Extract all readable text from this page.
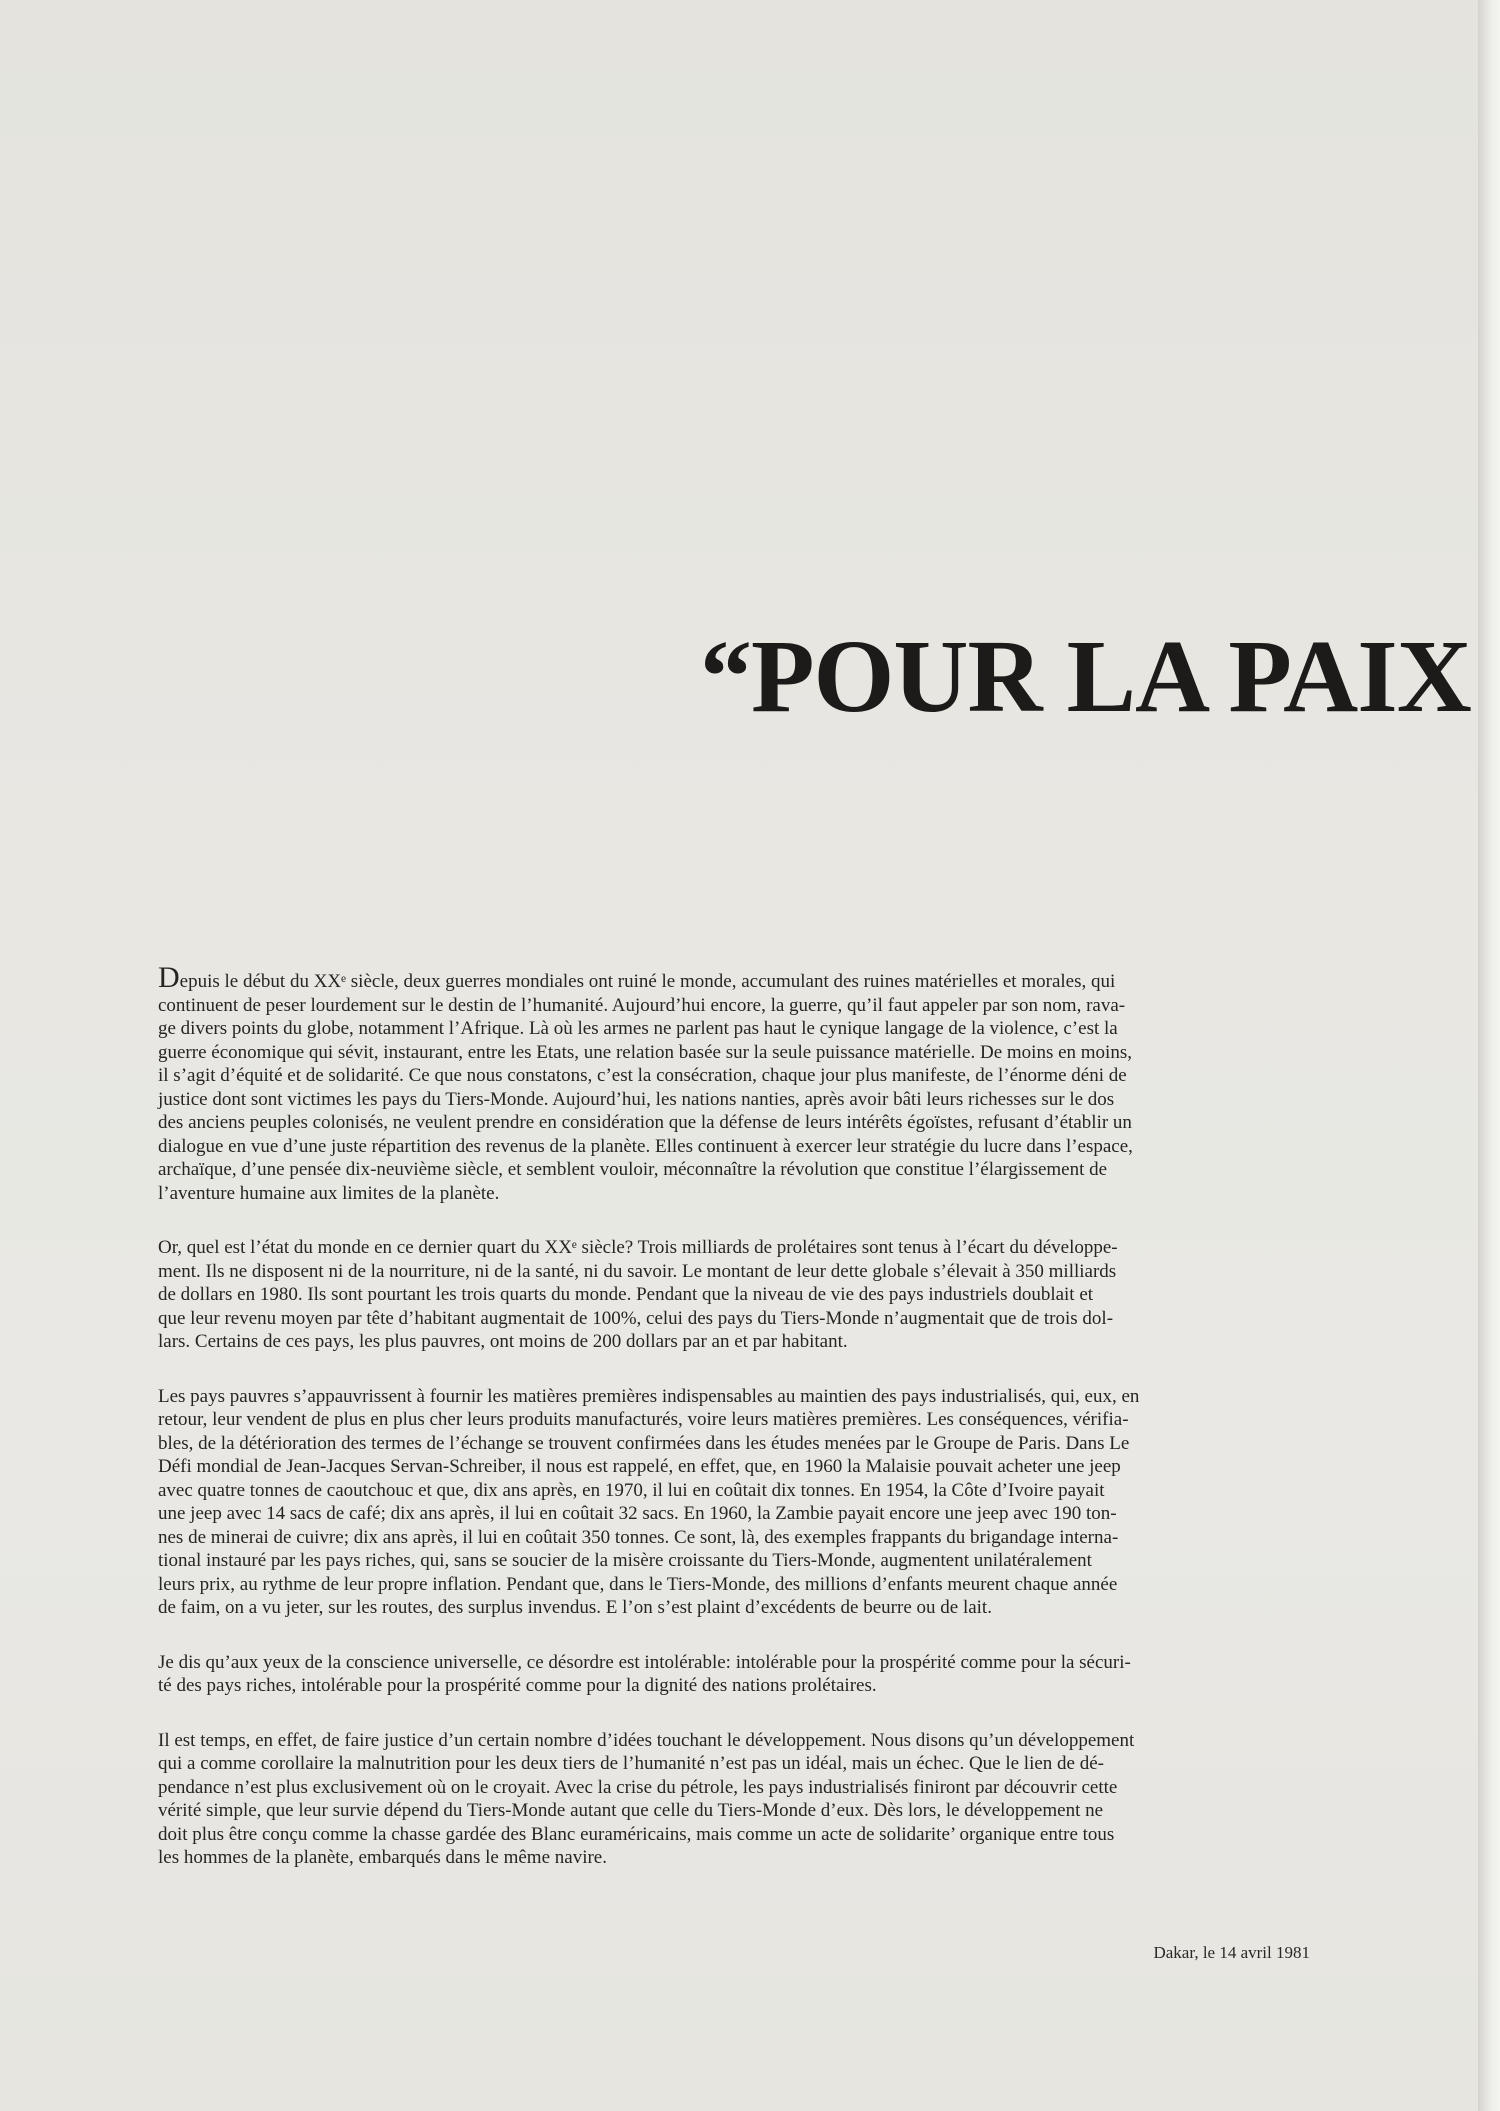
“POUR LA PAIX

Depuis le début du XXᵉ siècle, deux guerres mondiales ont ruiné le monde, accumulant des ruines matérielles et morales, qui
continuent de peser lourdement sur le destin de l’humanité. Aujourd’hui encore, la guerre, qu’il faut appeler par son nom, rava-
ge divers points du globe, notamment l’Afrique. Là où les armes ne parlent pas haut le cynique langage de la violence, c’est la
guerre économique qui sévit, instaurant, entre les Etats, une relation basée sur la seule puissance matérielle. De moins en moins,
il s’agit d’équité et de solidarité. Ce que nous constatons, c’est la consécration, chaque jour plus manifeste, de l’énorme déni de
justice dont sont victimes les pays du Tiers-Monde. Aujourd’hui, les nations nanties, après avoir bâti leurs richesses sur le dos
des anciens peuples colonisés, ne veulent prendre en considération que la défense de leurs intérêts égoïstes, refusant d’établir un
dialogue en vue d’une juste répartition des revenus de la planète. Elles continuent à exercer leur stratégie du lucre dans l’espace,
archaïque, d’une pensée dix-neuvième siècle, et semblent vouloir, méconnaître la révolution que constitue l’élargissement de
l’aventure humaine aux limites de la planète.

Or, quel est l’état du monde en ce dernier quart du XXᵉ siècle? Trois milliards de prolétaires sont tenus à l’écart du développe-
ment. Ils ne disposent ni de la nourriture, ni de la santé, ni du savoir. Le montant de leur dette globale s’élevait à 350 milliards
de dollars en 1980. Ils sont pourtant les trois quarts du monde. Pendant que la niveau de vie des pays industriels doublait et
que leur revenu moyen par tête d’habitant augmentait de 100%, celui des pays du Tiers-Monde n’augmentait que de trois dol-
lars. Certains de ces pays, les plus pauvres, ont moins de 200 dollars par an et par habitant.

Les pays pauvres s’appauvrissent à fournir les matières premières indispensables au maintien des pays industrialisés, qui, eux, en
retour, leur vendent de plus en plus cher leurs produits manufacturés, voire leurs matières premières. Les conséquences, vérifia-
bles, de la détérioration des termes de l’échange se trouvent confirmées dans les études menées par le Groupe de Paris. Dans Le
Défi mondial de Jean-Jacques Servan-Schreiber, il nous est rappelé, en effet, que, en 1960 la Malaisie pouvait acheter une jeep
avec quatre tonnes de caoutchouc et que, dix ans après, en 1970, il lui en coûtait dix tonnes. En 1954, la Côte d’Ivoire payait
une jeep avec 14 sacs de café; dix ans après, il lui en coûtait 32 sacs. En 1960, la Zambie payait encore une jeep avec 190 ton-
nes de minerai de cuivre; dix ans après, il lui en coûtait 350 tonnes. Ce sont, là, des exemples frappants du brigandage interna-
tional instauré par les pays riches, qui, sans se soucier de la misère croissante du Tiers-Monde, augmentent unilatéralement
leurs prix, au rythme de leur propre inflation. Pendant que, dans le Tiers-Monde, des millions d’enfants meurent chaque année
de faim, on a vu jeter, sur les routes, des surplus invendus. E l’on s’est plaint d’excédents de beurre ou de lait.

Je dis qu’aux yeux de la conscience universelle, ce désordre est intolérable: intolérable pour la prospérité comme pour la sécuri-
té des pays riches, intolérable pour la prospérité comme pour la dignité des nations prolétaires.

Il est temps, en effet, de faire justice d’un certain nombre d’idées touchant le développement. Nous disons qu’un développement
qui a comme corollaire la malnutrition pour les deux tiers de l’humanité n’est pas un idéal, mais un échec. Que le lien de dé-
pendance n’est plus exclusivement où on le croyait. Avec la crise du pétrole, les pays industrialisés finiront par découvrir cette
vérité simple, que leur survie dépend du Tiers-Monde autant que celle du Tiers-Monde d’eux. Dès lors, le développement ne
doit plus être conçu comme la chasse gardée des Blanc euraméricains, mais comme un acte de solidarite’ organique entre tous
les hommes de la planète, embarqués dans le même navire.

Dakar, le 14 avril 1981
